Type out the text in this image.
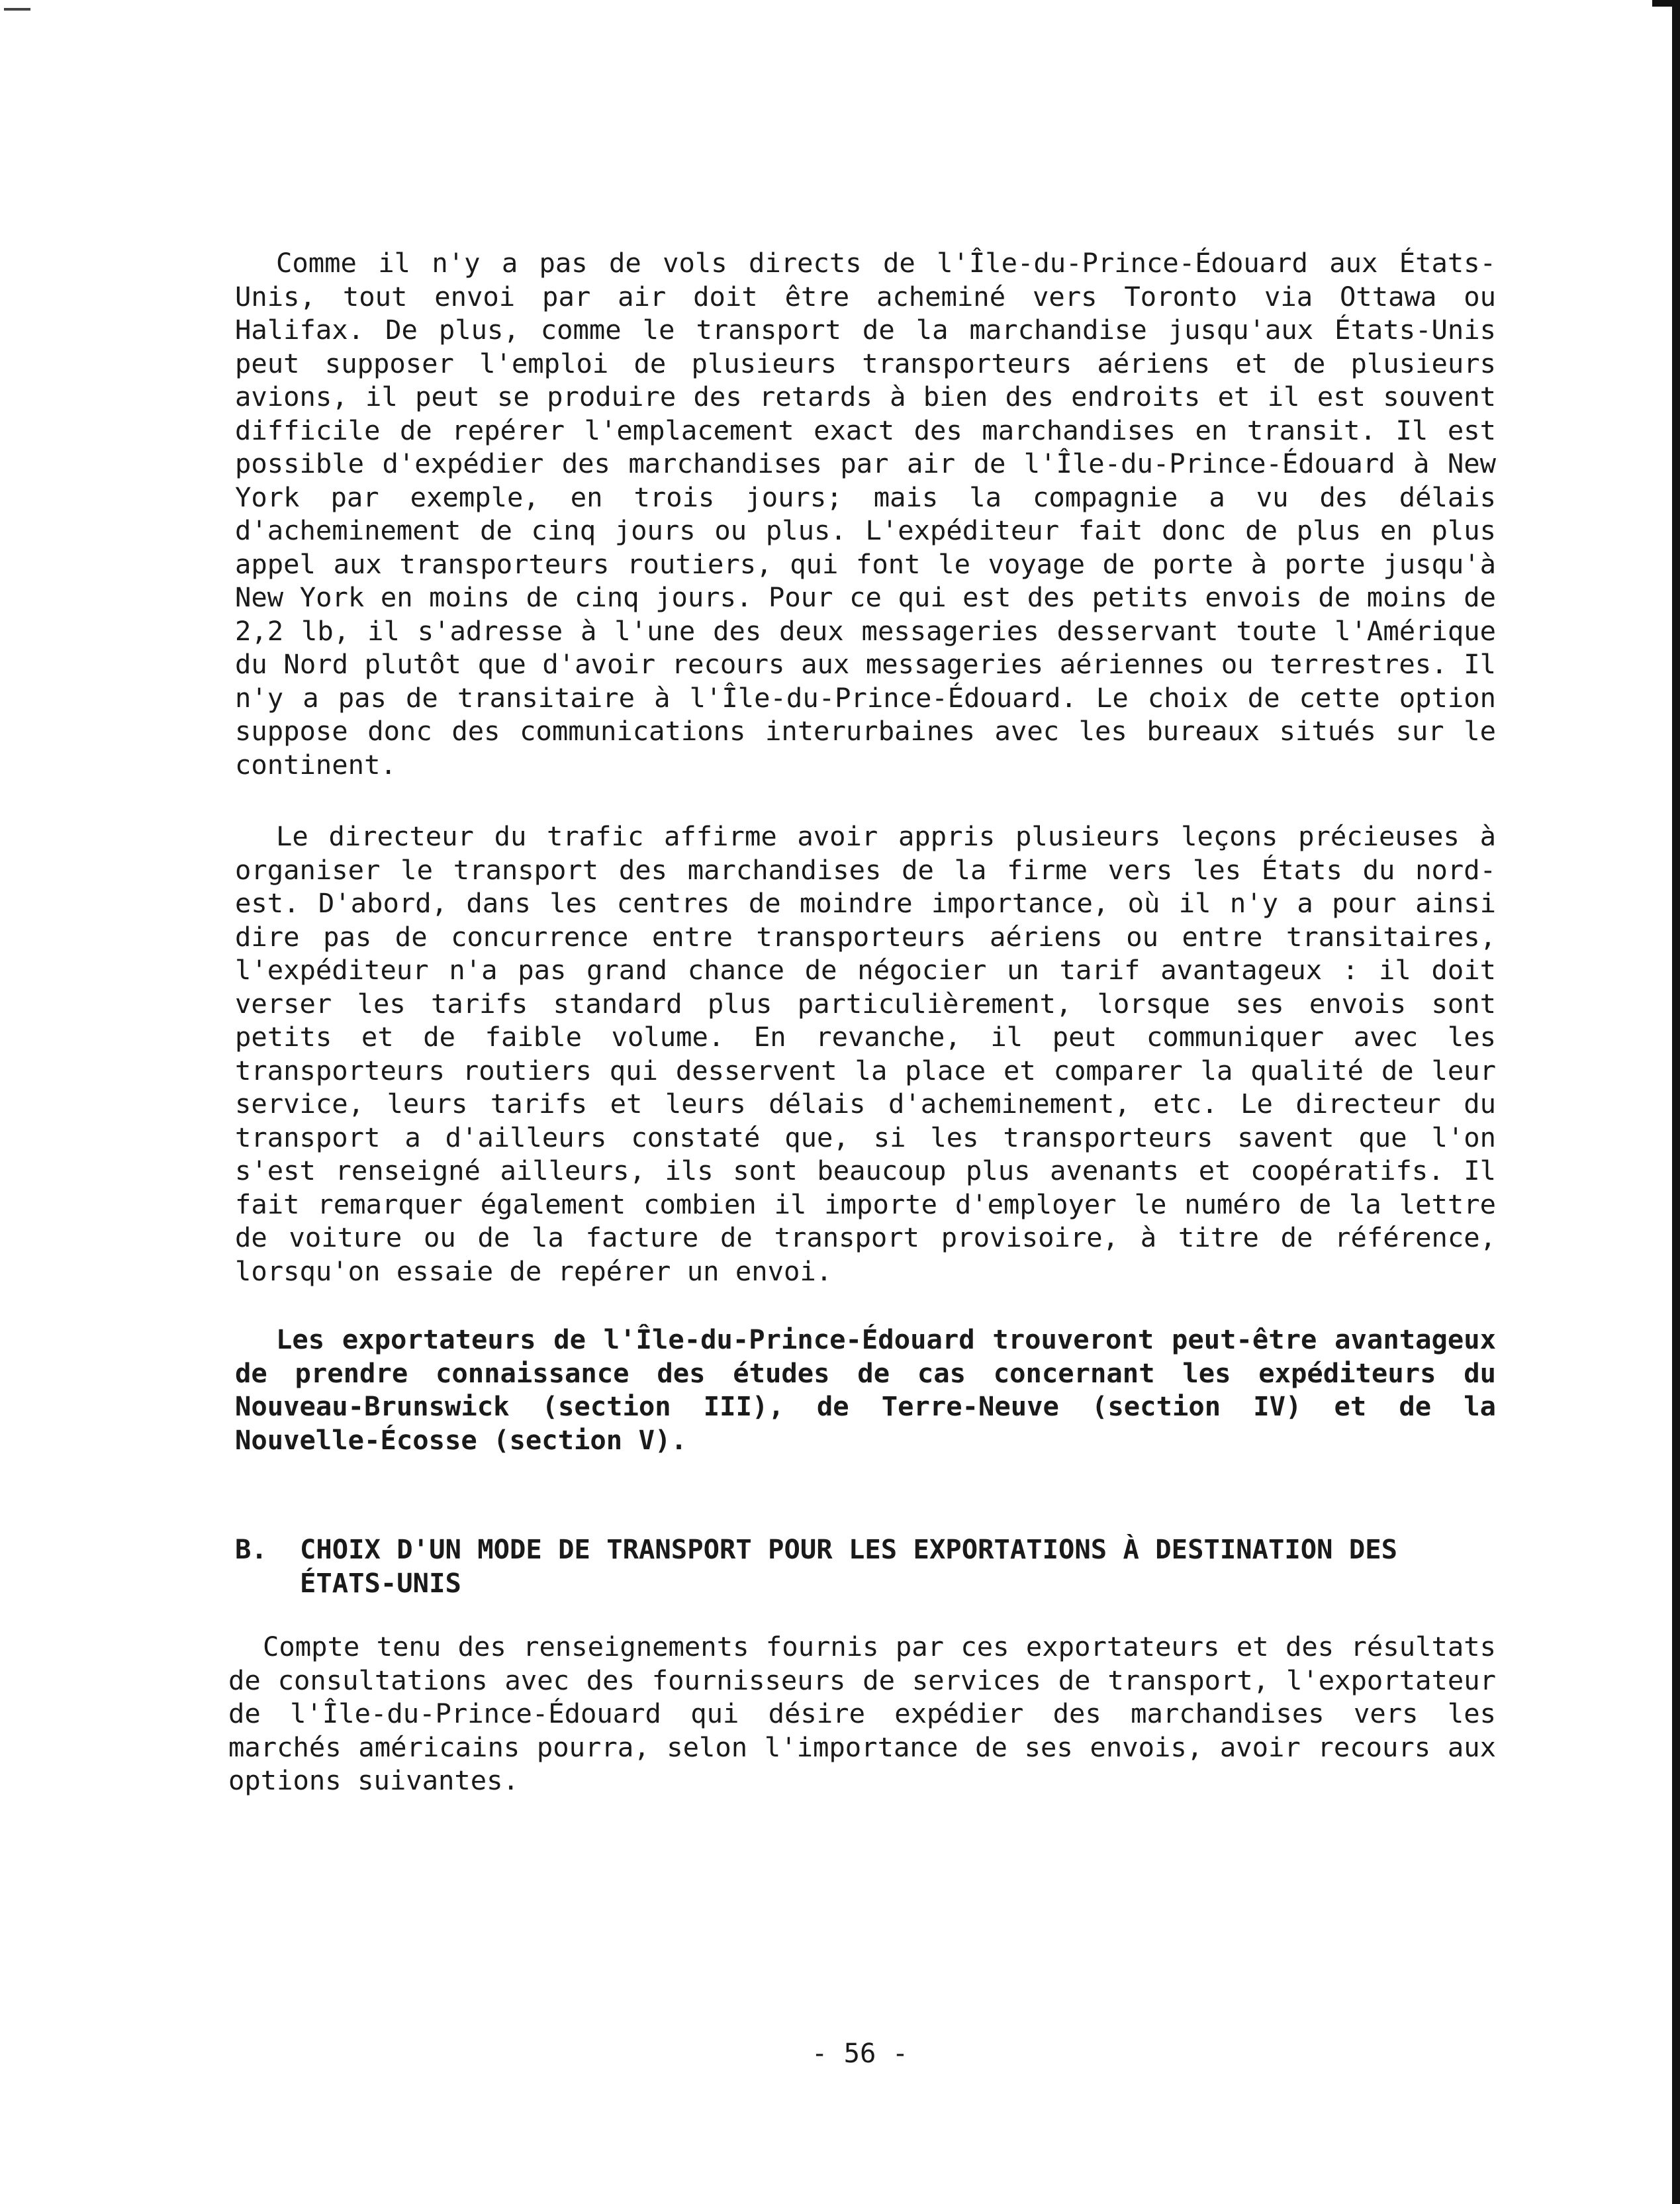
Comme il n'y a pas de vols directs de l'Île-du-Prince-Édouard aux États-Unis, tout envoi par air doit être acheminé vers Toronto via Ottawa ou Halifax. De plus, comme le transport de la marchandise jusqu'aux États-Unis peut supposer l'emploi de plusieurs transporteurs aériens et de plusieurs avions, il peut se produire des retards à bien des endroits et il est souvent difficile de repérer l'emplacement exact des marchandises en transit. Il est possible d'expédier des marchandises par air de l'Île-du-Prince-Édouard à New York par exemple, en trois jours; mais la compagnie a vu des délais d'acheminement de cinq jours ou plus. L'expéditeur fait donc de plus en plus appel aux transporteurs routiers, qui font le voyage de porte à porte jusqu'à New York en moins de cinq jours. Pour ce qui est des petits envois de moins de 2,2 lb, il s'adresse à l'une des deux messageries desservant toute l'Amérique du Nord plutôt que d'avoir recours aux messageries aériennes ou terrestres. Il n'y a pas de transitaire à l'Île-du-Prince-Édouard. Le choix de cette option suppose donc des communications interurbaines avec les bureaux situés sur le continent.

Le directeur du trafic affirme avoir appris plusieurs leçons précieuses à organiser le transport des marchandises de la firme vers les États du nord-est. D'abord, dans les centres de moindre importance, où il n'y a pour ainsi dire pas de concurrence entre transporteurs aériens ou entre transitaires, l'expéditeur n'a pas grand chance de négocier un tarif avantageux : il doit verser les tarifs standard plus particulièrement, lorsque ses envois sont petits et de faible volume. En revanche, il peut communiquer avec les transporteurs routiers qui desservent la place et comparer la qualité de leur service, leurs tarifs et leurs délais d'acheminement, etc. Le directeur du transport a d'ailleurs constaté que, si les transporteurs savent que l'on s'est renseigné ailleurs, ils sont beaucoup plus avenants et coopératifs. Il fait remarquer également combien il importe d'employer le numéro de la lettre de voiture ou de la facture de transport provisoire, à titre de référence, lorsqu'on essaie de repérer un envoi.

Les exportateurs de l'Île-du-Prince-Édouard trouveront peut-être avantageux de prendre connaissance des études de cas concernant les expéditeurs du Nouveau-Brunswick (section III), de Terre-Neuve (section IV) et de la Nouvelle-Écosse (section V).

B. CHOIX D'UN MODE DE TRANSPORT POUR LES EXPORTATIONS À DESTINATION DES
ÉTATS-UNIS

Compte tenu des renseignements fournis par ces exportateurs et des résultats de consultations avec des fournisseurs de services de transport, l'exportateur de l'Île-du-Prince-Édouard qui désire expédier des marchandises vers les marchés américains pourra, selon l'importance de ses envois, avoir recours aux options suivantes.

- 56 -
